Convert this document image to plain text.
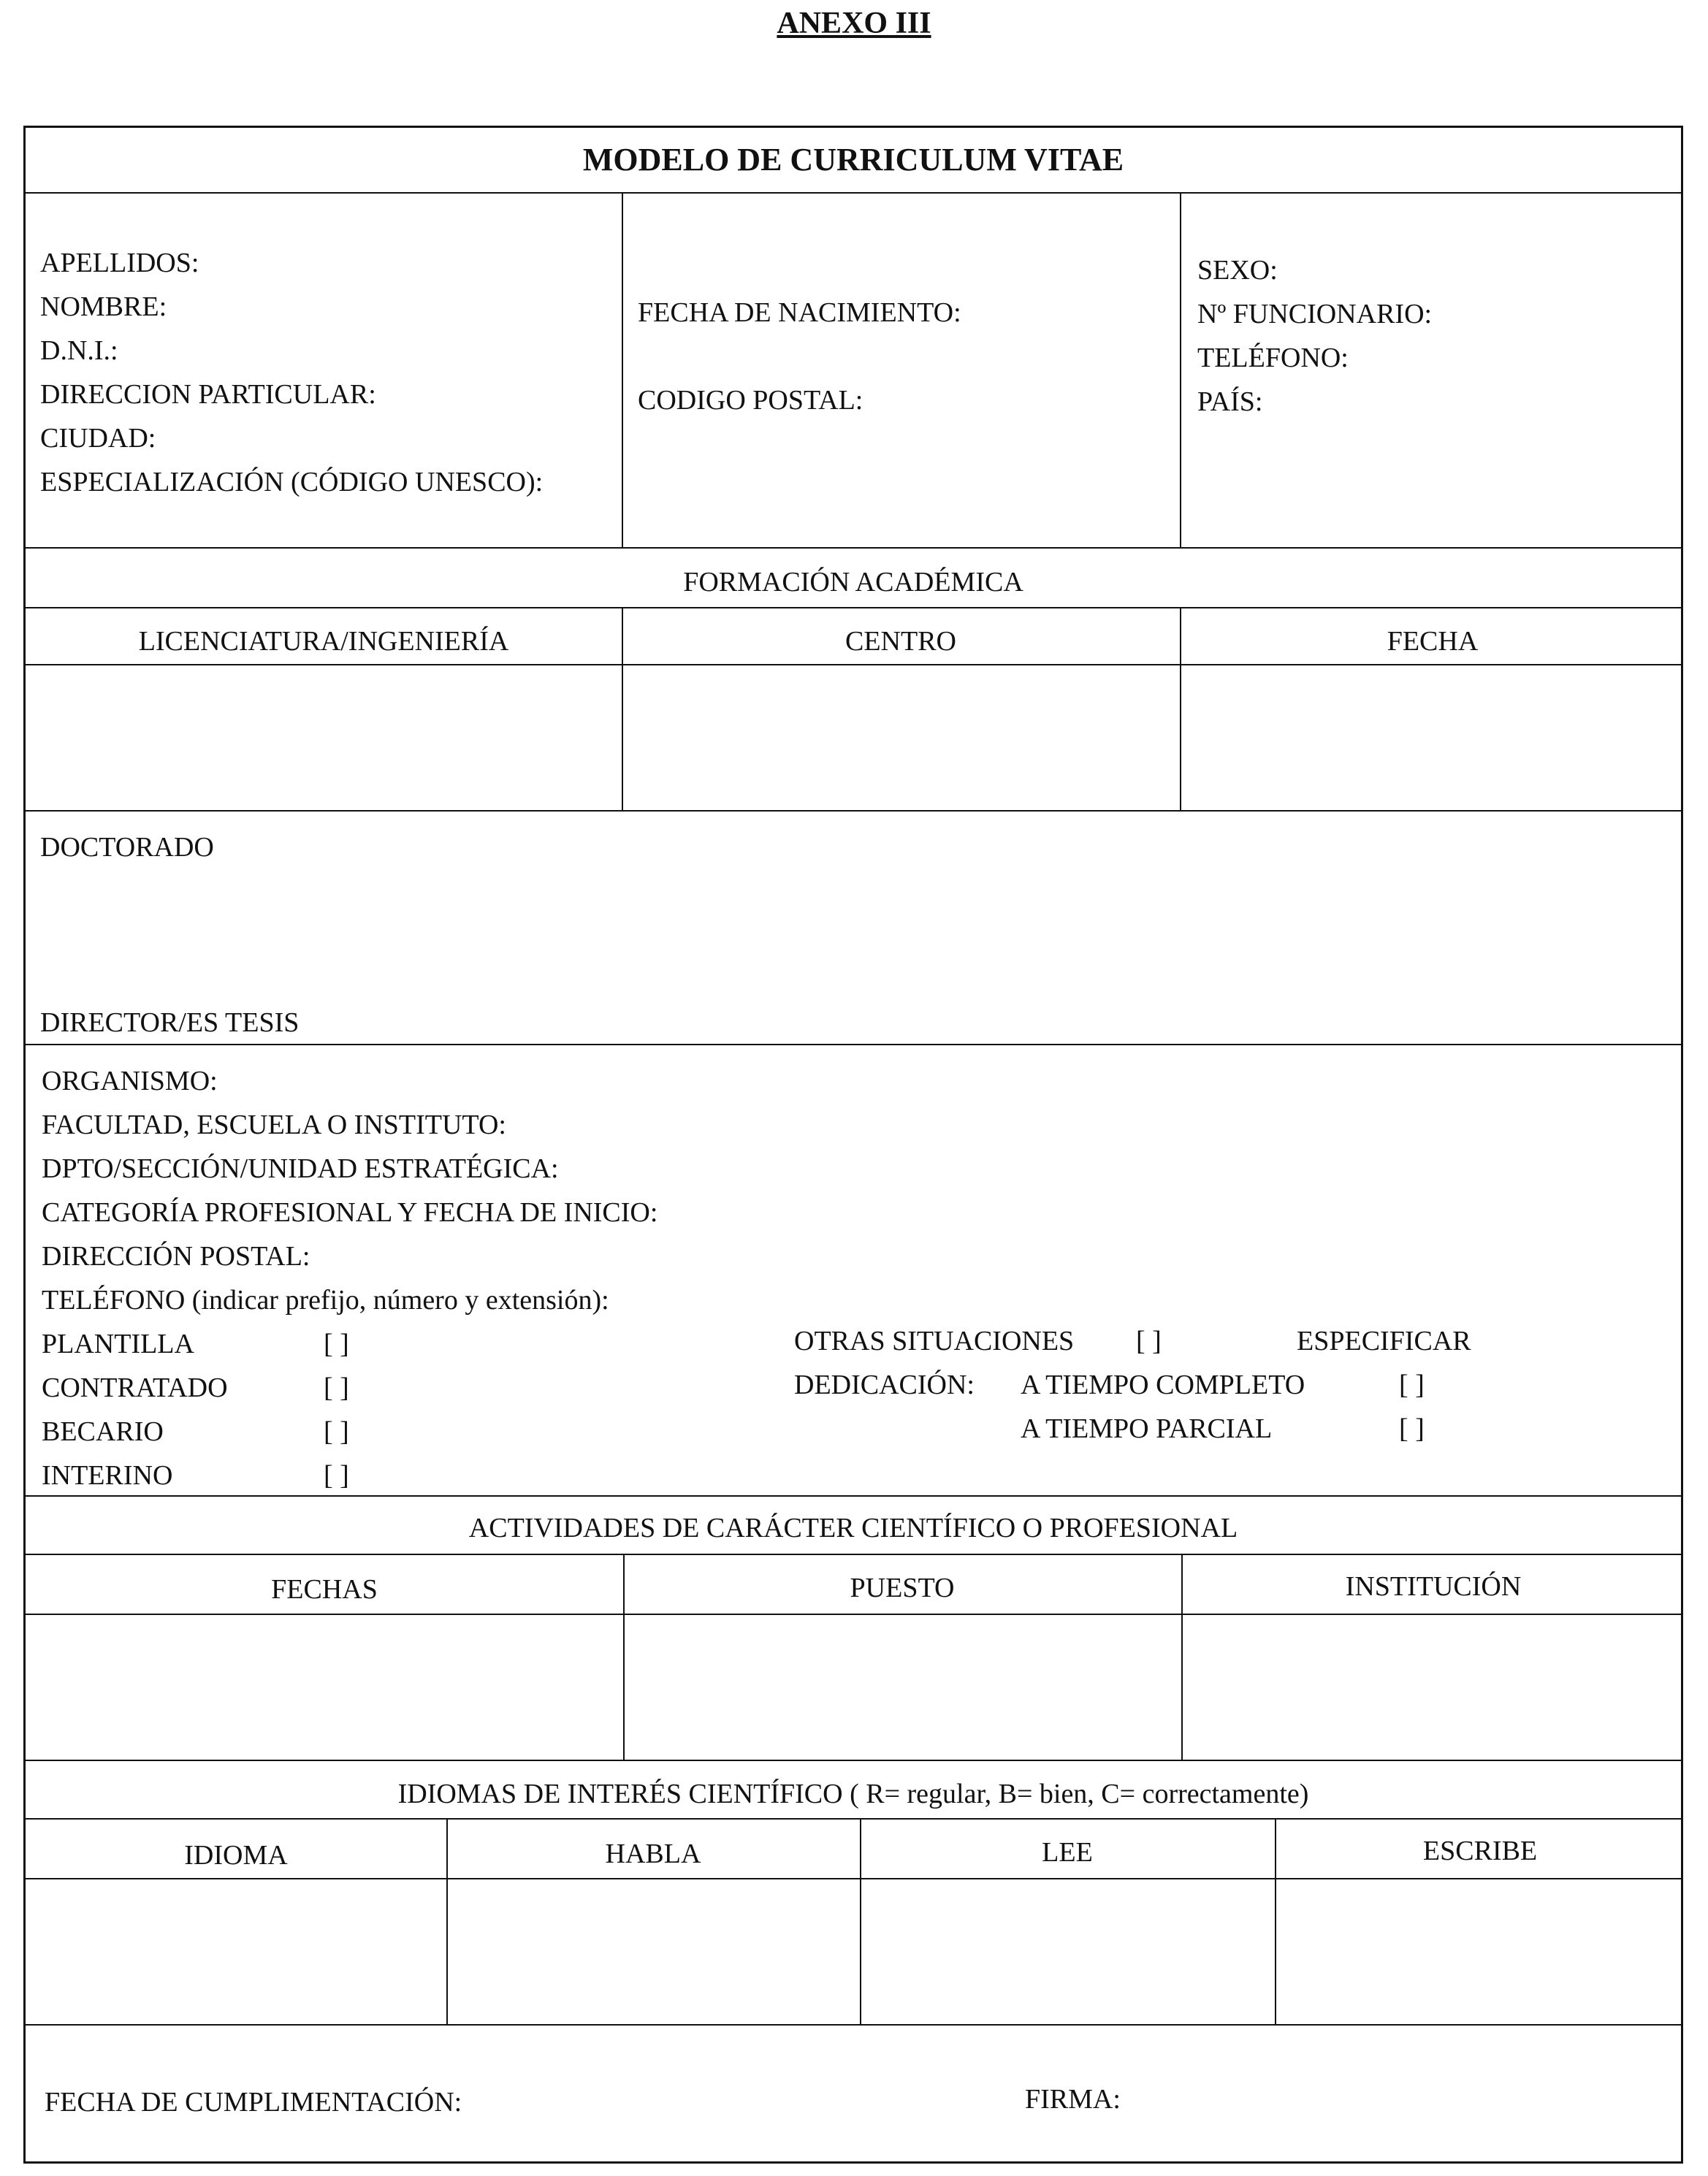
ANEXO III
MODELO DE CURRICULUM VITAE
APELLIDOS:
NOMBRE:
D.N.I.:
DIRECCION PARTICULAR:
CIUDAD:
ESPECIALIZACIÓN (CÓDIGO UNESCO):
FECHA DE NACIMIENTO:
CODIGO POSTAL:
SEXO:
Nº FUNCIONARIO:
TELÉFONO:
PAÍS:
FORMACIÓN ACADÉMICA
LICENCIATURA/INGENIERÍA	CENTRO	FECHA
DOCTORADO
DIRECTOR/ES TESIS
ORGANISMO:
FACULTAD, ESCUELA O INSTITUTO:
DPTO/SECCIÓN/UNIDAD ESTRATÉGICA:
CATEGORÍA PROFESIONAL Y FECHA DE INICIO:
DIRECCIÓN POSTAL:
TELÉFONO (indicar prefijo, número y extensión):
PLANTILLA	[ ]
CONTRATADO	[ ]
BECARIO	[ ]
INTERINO	[ ]
OTRAS SITUACIONES [ ]	ESPECIFICAR
DEDICACIÓN: A TIEMPO COMPLETO	[ ]
A TIEMPO PARCIAL	[ ]
ACTIVIDADES DE CARÁCTER CIENTÍFICO O PROFESIONAL
FECHAS	PUESTO	INSTITUCIÓN
IDIOMAS DE INTERÉS CIENTÍFICO ( R= regular, B= bien, C= correctamente)
IDIOMA	HABLA	LEE	ESCRIBE
FECHA DE CUMPLIMENTACIÓN:	FIRMA:
